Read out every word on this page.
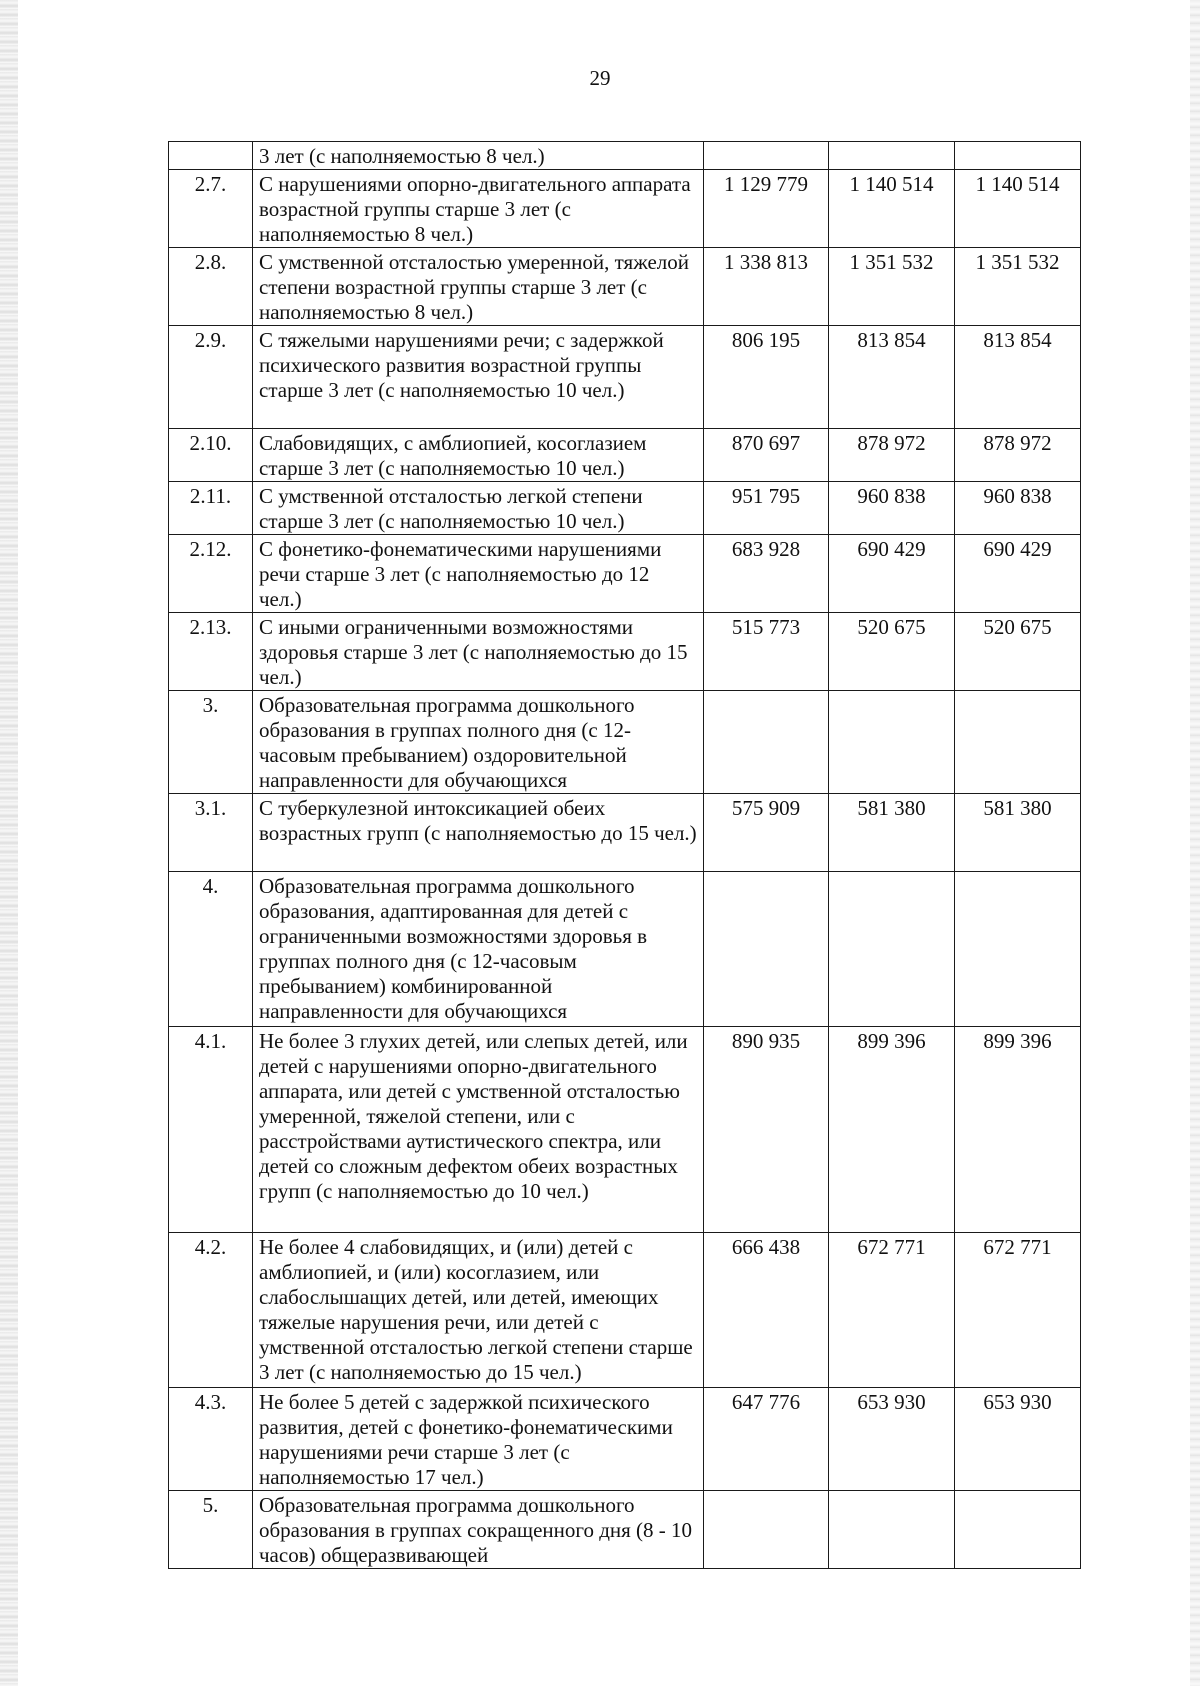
29
	3 лет (с наполняемостью 8 чел.)			
2.7.	С нарушениями опорно-двигательного аппарата возрастной группы старше 3 лет (с наполняемостью 8 чел.)	1 129 779	1 140 514	1 140 514
2.8.	С умственной отсталостью умеренной, тяжелой степени возрастной группы старше 3 лет (с наполняемостью 8 чел.)	1 338 813	1 351 532	1 351 532
2.9.	С тяжелыми нарушениями речи; с задержкой психического развития возрастной группы старше 3 лет (с наполняемостью 10 чел.)	806 195	813 854	813 854
2.10.	Слабовидящих, с амблиопией, косоглазием старше 3 лет (с наполняемостью 10 чел.)	870 697	878 972	878 972
2.11.	С умственной отсталостью легкой степени старше 3 лет (с наполняемостью 10 чел.)	951 795	960 838	960 838
2.12.	С фонетико-фонематическими нарушениями речи старше 3 лет (с наполняемостью до 12 чел.)	683 928	690 429	690 429
2.13.	С иными ограниченными возможностями здоровья старше 3 лет (с наполняемостью до 15 чел.)	515 773	520 675	520 675
3.	Образовательная программа дошкольного образования в группах полного дня (с 12-часовым пребыванием) оздоровительной направленности для обучающихся			
3.1.	С туберкулезной интоксикацией обеих возрастных групп (с наполняемостью до 15 чел.)	575 909	581 380	581 380
4.	Образовательная программа дошкольного образования, адаптированная для детей с ограниченными возможностями здоровья в группах полного дня (с 12-часовым пребыванием) комбинированной направленности для обучающихся			
4.1.	Не более 3 глухих детей, или слепых детей, или детей с нарушениями опорно-двигательного аппарата, или детей с умственной отсталостью умеренной, тяжелой степени, или с расстройствами аутистического спектра, или детей со сложным дефектом обеих возрастных групп (с наполняемостью до 10 чел.)	890 935	899 396	899 396
4.2.	Не более 4 слабовидящих, и (или) детей с амблиопией, и (или) косоглазием, или слабослышащих детей, или детей, имеющих тяжелые нарушения речи, или детей с умственной отсталостью легкой степени старше 3 лет (с наполняемостью до 15 чел.)	666 438	672 771	672 771
4.3.	Не более 5 детей с задержкой психического развития, детей с фонетико-фонематическими нарушениями речи старше 3 лет (с наполняемостью 17 чел.)	647 776	653 930	653 930
5.	Образовательная программа дошкольного образования в группах сокращенного дня (8 - 10 часов) общеразвивающей			
